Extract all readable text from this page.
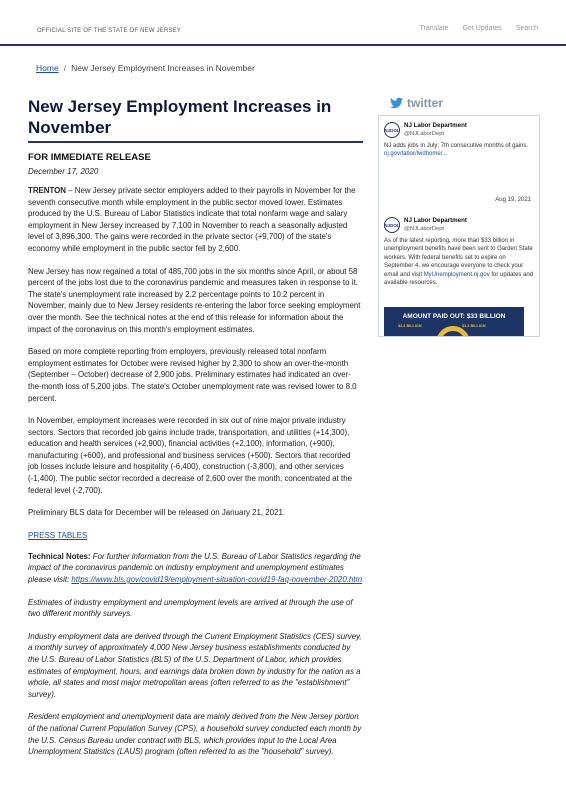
OFFICIAL SITE OF THE STATE OF NEW JERSEY	Translate Get Updates Search
Home / New Jersey Employment Increases in November
New Jersey Employment Increases in November
FOR IMMEDIATE RELEASE
December 17, 2020

TRENTON – New Jersey private sector employers added to their payrolls in November for the seventh consecutive month while employment in the public sector moved lower. Estimates produced by the U.S. Bureau of Labor Statistics indicate that total nonfarm wage and salary employment in New Jersey increased by 7,100 in November to reach a seasonally adjusted level of 3,896,300. The gains were recorded in the private sector (+9,700) of the state's economy while employment in the public sector fell by 2,600.

New Jersey has now regained a total of 485,700 jobs in the six months since April, or about 58 percent of the jobs lost due to the coronavirus pandemic and measures taken in response to it. The state's unemployment rate increased by 2.2 percentage points to 10.2 percent in November, mainly due to New Jersey residents re-entering the labor force seeking employment over the month. See the technical notes at the end of this release for information about the impact of the coronavirus on this month's employment estimates.

Based on more complete reporting from employers, previously released total nonfarm employment estimates for October were revised higher by 2,300 to show an over-the-month (September – October) decrease of 2,900 jobs. Preliminary estimates had indicated an over-the-month loss of 5,200 jobs. The state's October unemployment rate was revised lower to 8.0 percent.

In November, employment increases were recorded in six out of nine major private industry sectors. Sectors that recorded job gains include trade, transportation, and utilities (+14,300), education and health services (+2,900), financial activities (+2,100), information, (+900), manufacturing (+600), and professional and business services (+500). Sectors that recorded job losses include leisure and hospitality (-6,400), construction (-3,800), and other services (-1,400). The public sector recorded a decrease of 2,600 over the month, concentrated at the federal level (-2,700).

Preliminary BLS data for December will be released on January 21, 2021.

PRESS TABLES

Technical Notes: For further information from the U.S. Bureau of Labor Statistics regarding the impact of the coronavirus pandemic on industry employment and unemployment estimates please visit: https://www.bls.gov/covid19/employment-situation-covid19-faq-november-2020.htm

Estimates of industry employment and unemployment levels are arrived at through the use of two different monthly surveys.

Industry employment data are derived through the Current Employment Statistics (CES) survey, a monthly survey of approximately 4,000 New Jersey business establishments conducted by the U.S. Bureau of Labor Statistics (BLS) of the U.S. Department of Labor, which provides estimates of employment, hours, and earnings data broken down by industry for the nation as a whole, all states and most major metropolitan areas (often referred to as the "establishment" survey).

Resident employment and unemployment data are mainly derived from the New Jersey portion of the national Current Population Survey (CPS), a household survey conducted each month by the U.S. Census Bureau under contract with BLS, which provides input to the Local Area Unemployment Statistics (LAUS) program (often referred to as the "household" survey).

twitter
NJDOL
NJ Labor Department
@NJLaborDept
NJ adds jobs in July; 7th consecutive months of gains. nj.gov/labor/lwdhome/...
Aug 19, 2021
NJDOL
NJ Labor Department
@NJLaborDept
As of the latest reporting, more than $33 billion in unemployment benefits have been sent to Garden State workers. With federal benefits set to expire on September 4, we encourage everyone to check your email and visit MyUnemployment.nj.gov for updates and available resources.
AMOUNT PAID OUT: $33 BILLION
$2.4 BILLION	$3.3 BILLION
